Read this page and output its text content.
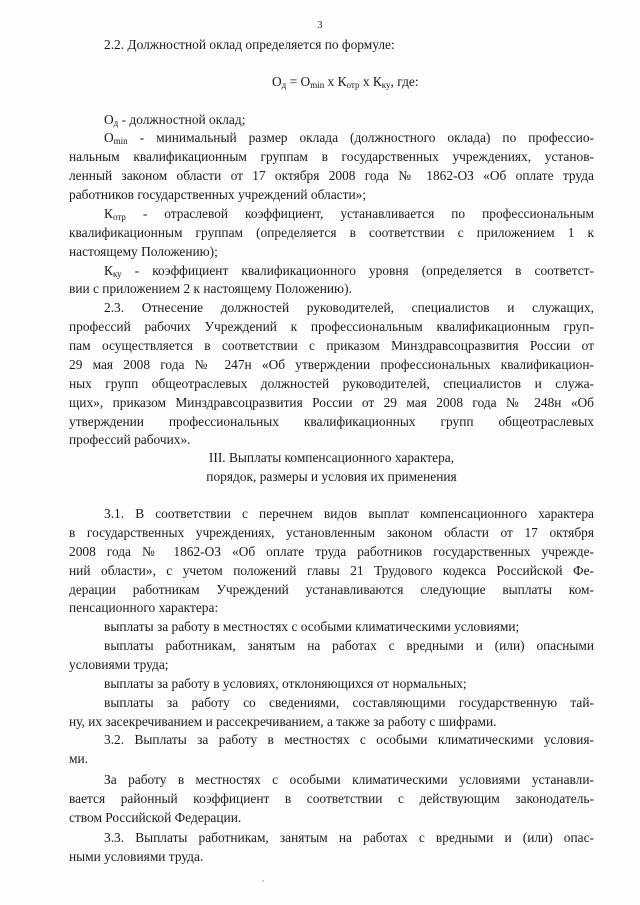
3
2.2. Должностной оклад определяется по формуле:
$О_д = О_{min}$ х $К_{отр}$ х $К_{ку}$, где:
$О_д$ - должностной оклад;
$О_{min}$ - минимальный размер оклада (должностного оклада) по профессио-
нальным квалификационным группам в государственных учреждениях, установ-
ленный законом области от 17 октября 2008 года № 1862-ОЗ «Об оплате труда
работников государственных учреждений области»;
$К_{отр}$ - отраслевой коэффициент, устанавливается по профессиональным
квалификационным группам (определяется в соответствии с приложением 1 к
настоящему Положению);
$К_{ку}$ - коэффициент квалификационного уровня (определяется в соответст-
вии с приложением 2 к настоящему Положению).
2.3. Отнесение должностей руководителей, специалистов и служащих,
профессий рабочих Учреждений к профессиональным квалификационным груп-
пам осуществляется в соответствии с приказом Минздравсоцразвития России от
29 мая 2008 года № 247н «Об утверждении профессиональных квалификацион-
ных групп общеотраслевых должностей руководителей, специалистов и служа-
щих», приказом Минздравсоцразвития России от 29 мая 2008 года № 248н «Об
утверждении профессиональных квалификационных групп общеотраслевых
профессий рабочих».
III. Выплаты компенсационного характера,
порядок, размеры и условия их применения
3.1. В соответствии с перечнем видов выплат компенсационного характера
в государственных учреждениях, установленным законом области от 17 октября
2008 года № 1862-ОЗ «Об оплате труда работников государственных учрежде-
ний области», с учетом положений главы 21 Трудового кодекса Российской Фе-
дерации работникам Учреждений устанавливаются следующие выплаты ком-
пенсационного характера:
выплаты за работу в местностях с особыми климатическими условиями;
выплаты работникам, занятым на работах с вредными и (или) опасными
условиями труда;
выплаты за работу в условиях, отклоняющихся от нормальных;
выплаты за работу со сведениями, составляющими государственную тай-
ну, их засекречиванием и рассекречиванием, а также за работу с шифрами.
3.2. Выплаты за работу в местностях с особыми климатическими условия-
ми.
За работу в местностях с особыми климатическими условиями устанавли-
вается районный коэффициент в соответствии с действующим законодатель-
ством Российской Федерации.
3.3. Выплаты работникам, занятым на работах с вредными и (или) опас-
ными условиями труда.
